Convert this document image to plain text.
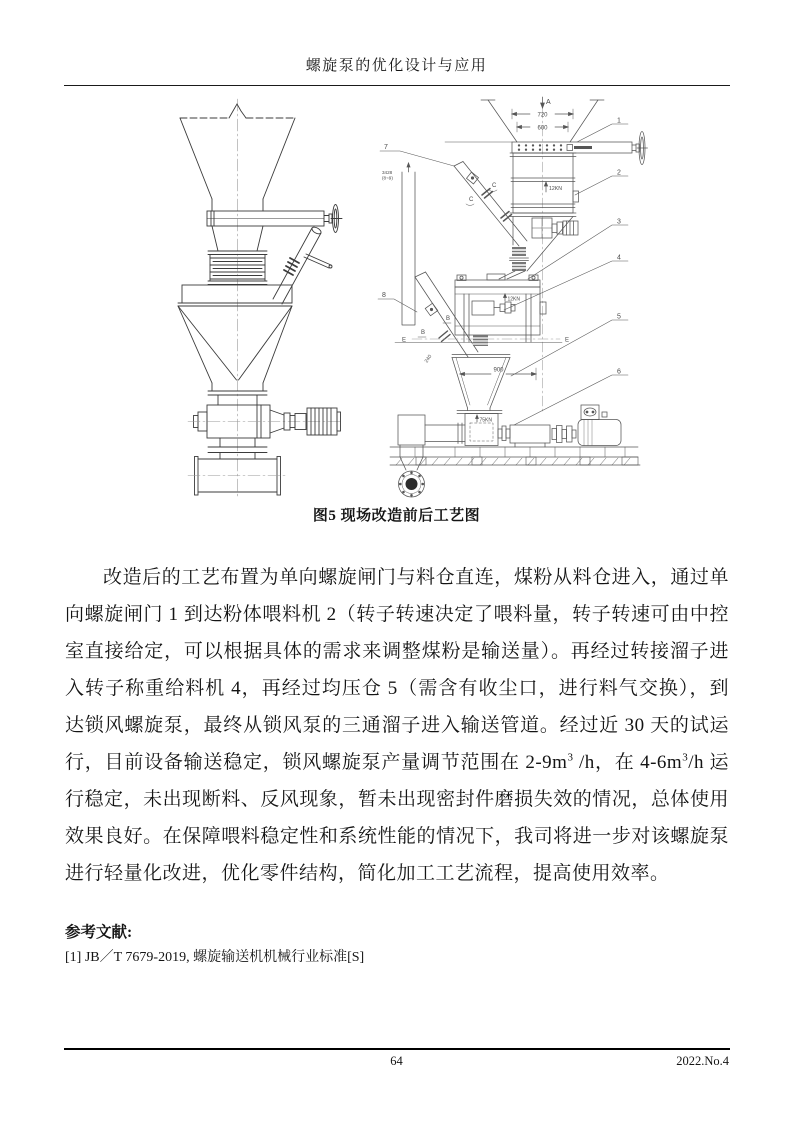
螺旋泵的优化设计与应用
A
720
600
12KN
C
C
3428
(8~9)
B
B
240
E	E
12KN
900
75KN
1
2
3
4
5
6
7
8
图5 现场改造前后工艺图

改造后的工艺布置为单向螺旋闸门与料仓直连，煤粉从料仓进入，通过单向螺旋闸门 1 到达粉体喂料机 2（转子转速决定了喂料量，转子转速可由中控室直接给定，可以根据具体的需求来调整煤粉是输送量）。再经过转接溜子进入转子称重给料机 4，再经过均压仓 5（需含有收尘口，进行料气交换），到达锁风螺旋泵，最终从锁风泵的三通溜子进入输送管道。经过近 30 天的试运行，目前设备输送稳定，锁风螺旋泵产量调节范围在 $2-9m^3$ /h，在 $4-6m^3/h$ 运行稳定，未出现断料、反风现象，暂未出现密封件磨损失效的情况，总体使用效果良好。在保障喂料稳定性和系统性能的情况下，我司将进一步对该螺旋泵进行轻量化改进，优化零件结构，简化加工工艺流程，提高使用效率。

参考文献:
[1] JB／T 7679-2019, 螺旋输送机机械行业标准[S]
64	2022.No.4
